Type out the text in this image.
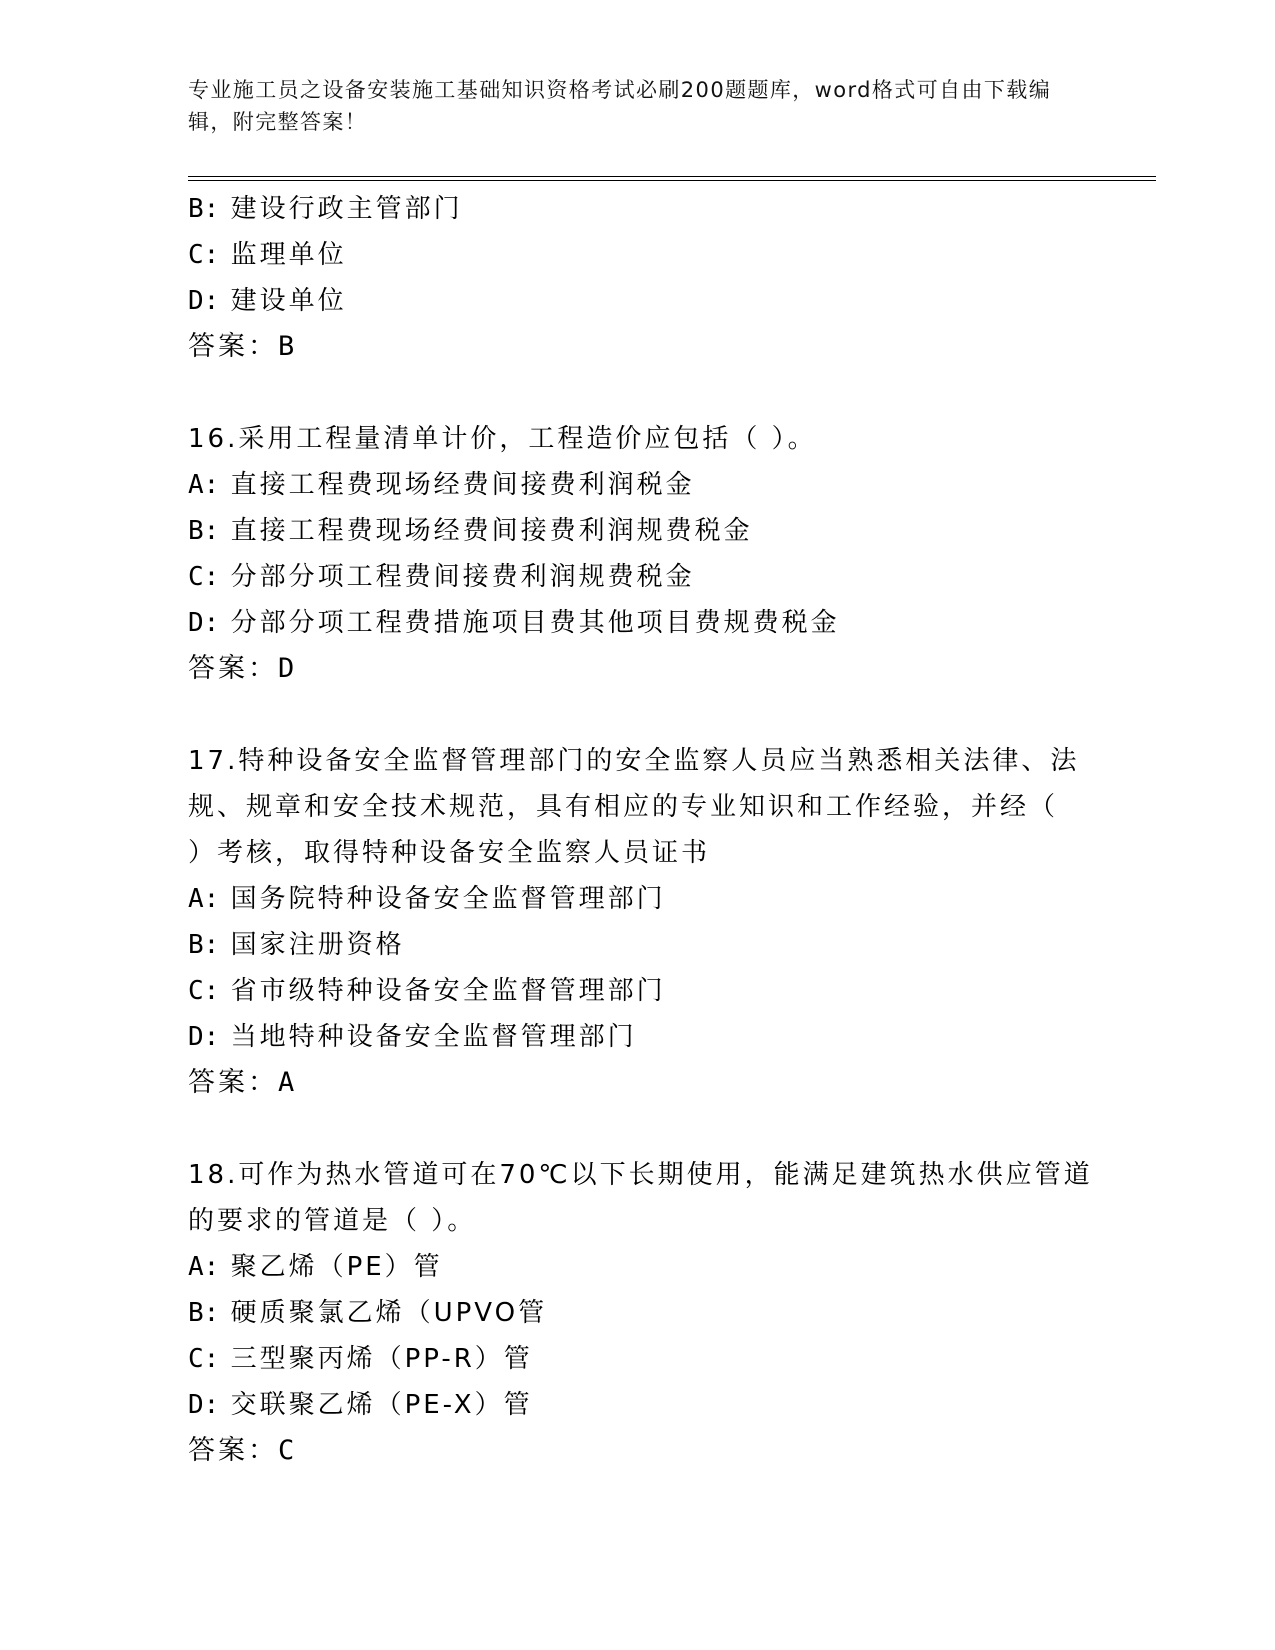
专业施工员之设备安装施工基础知识资格考试必刷200题题库，word格式可自由下载编辑，附完整答案！
B: 建设行政主管部门
C: 监理单位
D: 建设单位
答案：B
16.采用工程量清单计价，工程造价应包括（ ）。
A: 直接工程费现场经费间接费利润税金
B: 直接工程费现场经费间接费利润规费税金
C: 分部分项工程费间接费利润规费税金
D: 分部分项工程费措施项目费其他项目费规费税金
答案：D
17.特种设备安全监督管理部门的安全监察人员应当熟悉相关法律、法
规、规章和安全技术规范，具有相应的专业知识和工作经验，并经（
）考核，取得特种设备安全监察人员证书
A: 国务院特种设备安全监督管理部门
B: 国家注册资格
C: 省市级特种设备安全监督管理部门
D: 当地特种设备安全监督管理部门
答案：A
18.可作为热水管道可在70℃以下长期使用，能满足建筑热水供应管道
的要求的管道是（ ）。
A: 聚乙烯（PE）管
B: 硬质聚氯乙烯（UPVO管
C: 三型聚丙烯（PP-R）管
D: 交联聚乙烯（PE-X）管
答案：C
